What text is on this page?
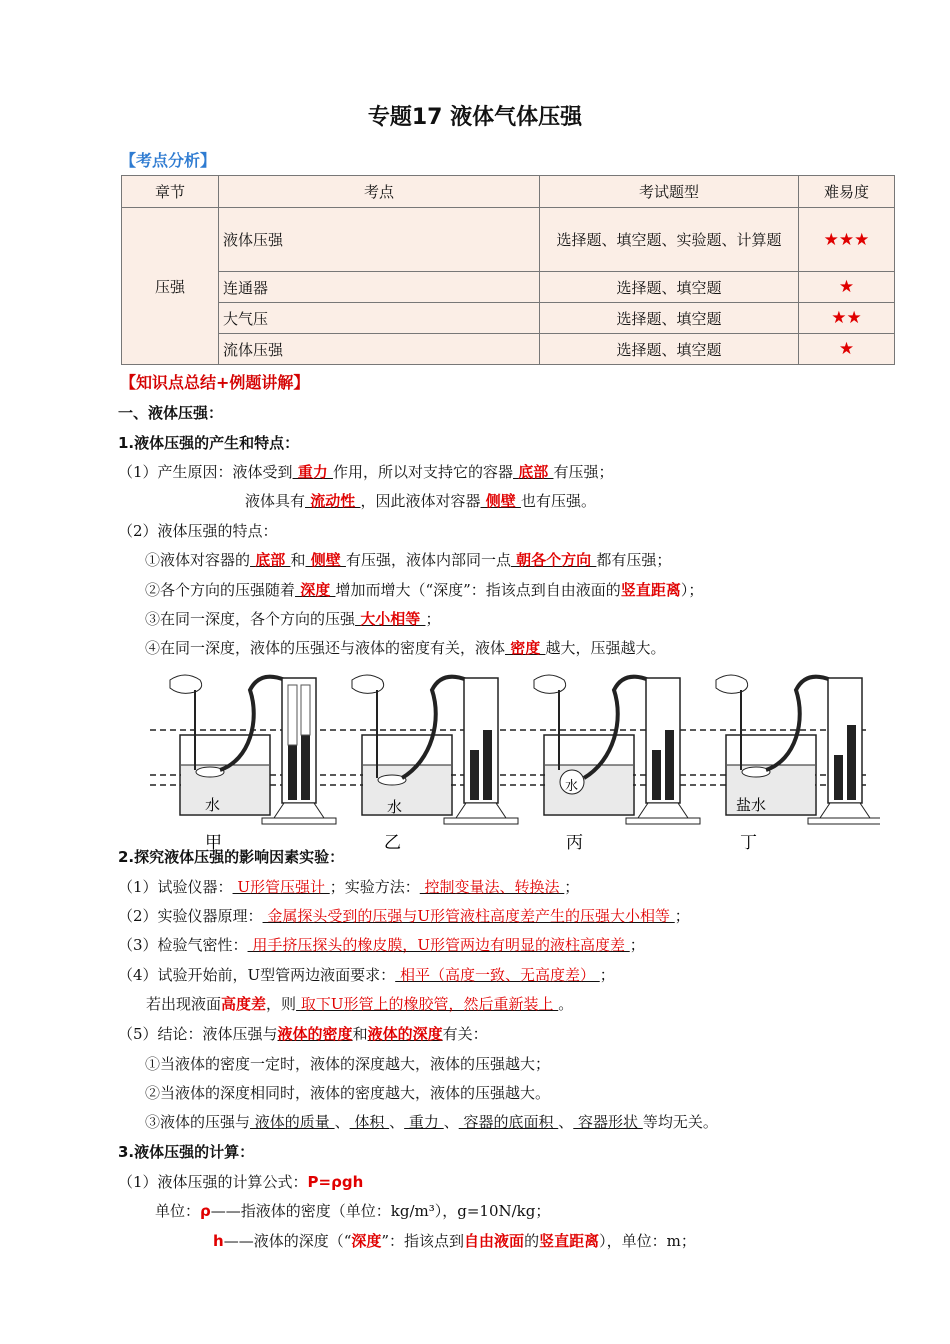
专题17 液体气体压强
【考点分析】
章节	考点	考试题型	难易度
压强	液体压强	选择题、填空题、实验题、计算题	★★★
	连通器	选择题、填空题	★
	大气压	选择题、填空题	★★
	流体压强	选择题、填空题	★
【知识点总结+例题讲解】
一、液体压强：
1.液体压强的产生和特点：
（1）产生原因：液体受到 重力 作用，所以对支持它的容器 底部 有压强；
液体具有 流动性 ，因此液体对容器 侧壁 也有压强。
（2）液体压强的特点：
①液体对容器的 底部 和 侧壁 有压强，液体内部同一点 朝各个方向 都有压强；
②各个方向的压强随着 深度 增加而增大（“深度”：指该点到自由液面的竖直距离）；
③在同一深度，各个方向的压强 大小相等 ；
④在同一深度，液体的压强还与液体的密度有关，液体 密度 越大，压强越大。
水
甲
水
乙
水
丙
盐水
丁
2.探究液体压强的影响因素实验：
（1）试验仪器： U形管压强计 ；实验方法： 控制变量法、转换法 ；
（2）实验仪器原理： 金属探头受到的压强与U形管液柱高度差产生的压强大小相等 ；
（3）检验气密性： 用手挤压探头的橡皮膜，U形管两边有明显的液柱高度差 ；
（4）试验开始前，U型管两边液面要求： 相平（高度一致、无高度差） ；
若出现液面高度差，则 取下U形管上的橡胶管，然后重新装上 。
（5）结论：液体压强与液体的密度和液体的深度有关：
①当液体的密度一定时，液体的深度越大，液体的压强越大；
②当液体的深度相同时，液体的密度越大，液体的压强越大。
③液体的压强与 液体的质量 、 体积 、 重力 、 容器的底面积 、 容器形状 等均无关。
3.液体压强的计算：
（1）液体压强的计算公式：P=ρgh
单位：ρ——指液体的密度（单位：kg/m³），g=10N/kg；
h——液体的深度（“深度”：指该点到自由液面的竖直距离），单位：m；
